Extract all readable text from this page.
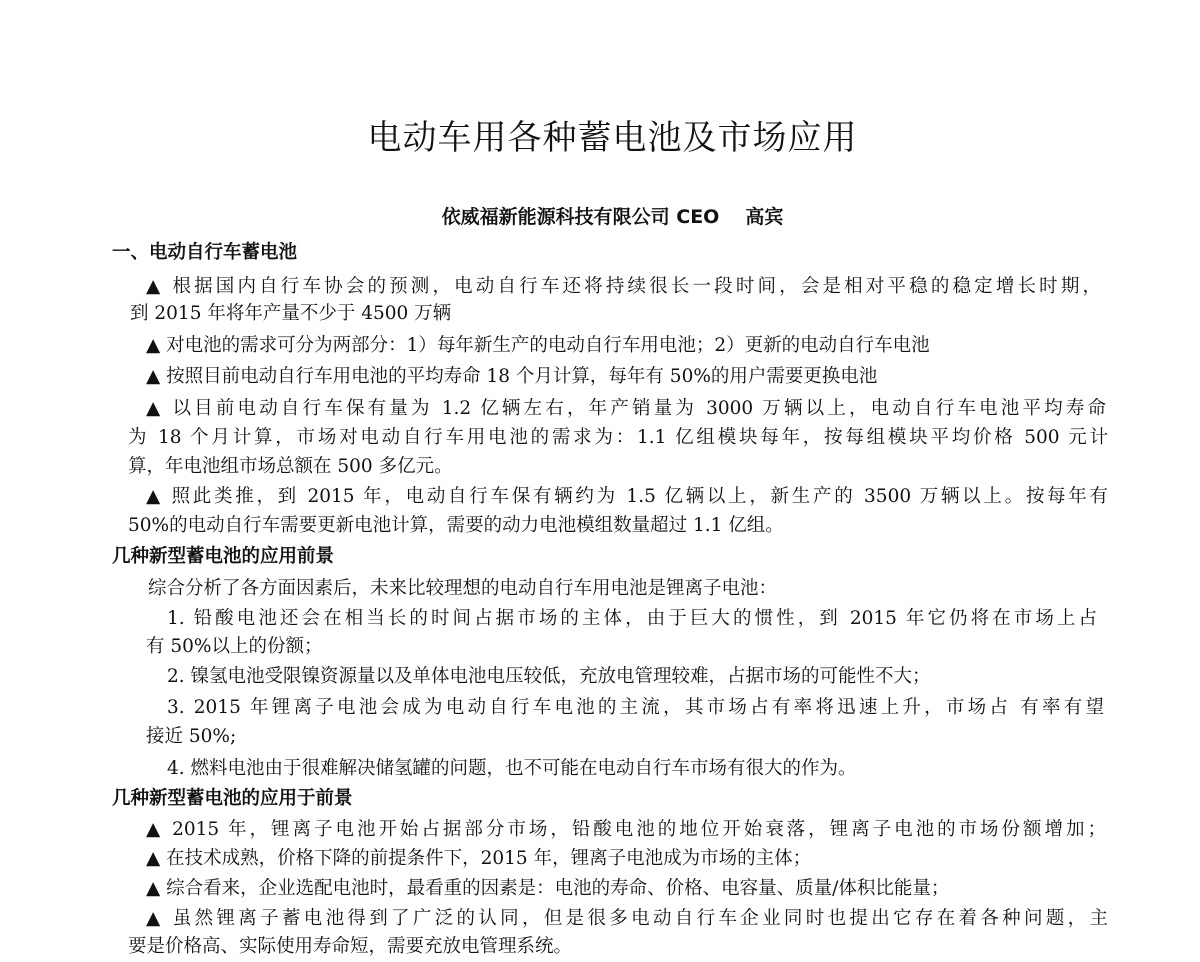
电动车用各种蓄电池及市场应用
依威福新能源科技有限公司 CEO 高宾
一、电动自行车蓄电池
▲ 根据国内自行车协会的预测，电动自行车还将持续很长一段时间，会是相对平稳的稳定增长时期，
到 2015 年将年产量不少于 4500 万辆
▲ 对电池的需求可分为两部分：1）每年新生产的电动自行车用电池；2）更新的电动自行车电池
▲ 按照目前电动自行车用电池的平均寿命 18 个月计算，每年有 50%的用户需要更换电池
▲ 以目前电动自行车保有量为 1.2 亿辆左右，年产销量为 3000 万辆以上，电动自行车电池平均寿命
为 18 个月计算，市场对电动自行车用电池的需求为：1.1 亿组模块每年，按每组模块平均价格 500 元计
算，年电池组市场总额在 500 多亿元。
▲ 照此类推，到 2015 年，电动自行车保有辆约为 1.5 亿辆以上，新生产的 3500 万辆以上。按每年有
50%的电动自行车需要更新电池计算，需要的动力电池模组数量超过 1.1 亿组。
几种新型蓄电池的应用前景
综合分析了各方面因素后，未来比较理想的电动自行车用电池是锂离子电池：
1. 铅酸电池还会在相当长的时间占据市场的主体，由于巨大的惯性，到 2015 年它仍将在市场上占
有 50%以上的份额；
2. 镍氢电池受限镍资源量以及单体电池电压较低，充放电管理较难，占据市场的可能性不大；
3. 2015 年锂离子电池会成为电动自行车电池的主流，其市场占有率将迅速上升，市场占 有率有望
接近 50%;
4. 燃料电池由于很难解决储氢罐的问题，也不可能在电动自行车市场有很大的作为。
几种新型蓄电池的应用于前景
▲ 2015 年，锂离子电池开始占据部分市场，铅酸电池的地位开始衰落，锂离子电池的市场份额增加；
▲ 在技术成熟，价格下降的前提条件下，2015 年，锂离子电池成为市场的主体；
▲ 综合看来，企业选配电池时，最看重的因素是：电池的寿命、价格、电容量、质量/体积比能量；
▲ 虽然锂离子蓄电池得到了广泛的认同，但是很多电动自行车企业同时也提出它存在着各种问题，主
要是价格高、实际使用寿命短，需要充放电管理系统。
